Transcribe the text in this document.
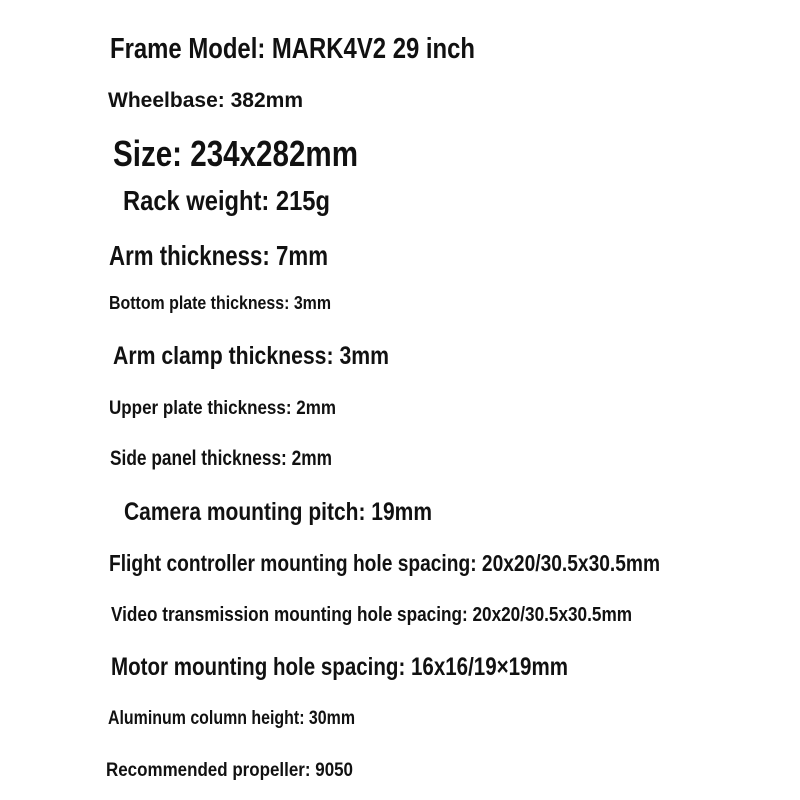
Frame Model: MARK4V2 29 inch
Wheelbase: 382mm
Size: 234x282mm
Rack weight: 215g
Arm thickness: 7mm
Bottom plate thickness: 3mm
Arm clamp thickness: 3mm
Upper plate thickness: 2mm
Side panel thickness: 2mm
Camera mounting pitch: 19mm
Flight controller mounting hole spacing: 20x20/30.5x30.5mm
Video transmission mounting hole spacing: 20x20/30.5x30.5mm
Motor mounting hole spacing: 16x16/19×19mm
Aluminum column height: 30mm
Recommended propeller: 9050
